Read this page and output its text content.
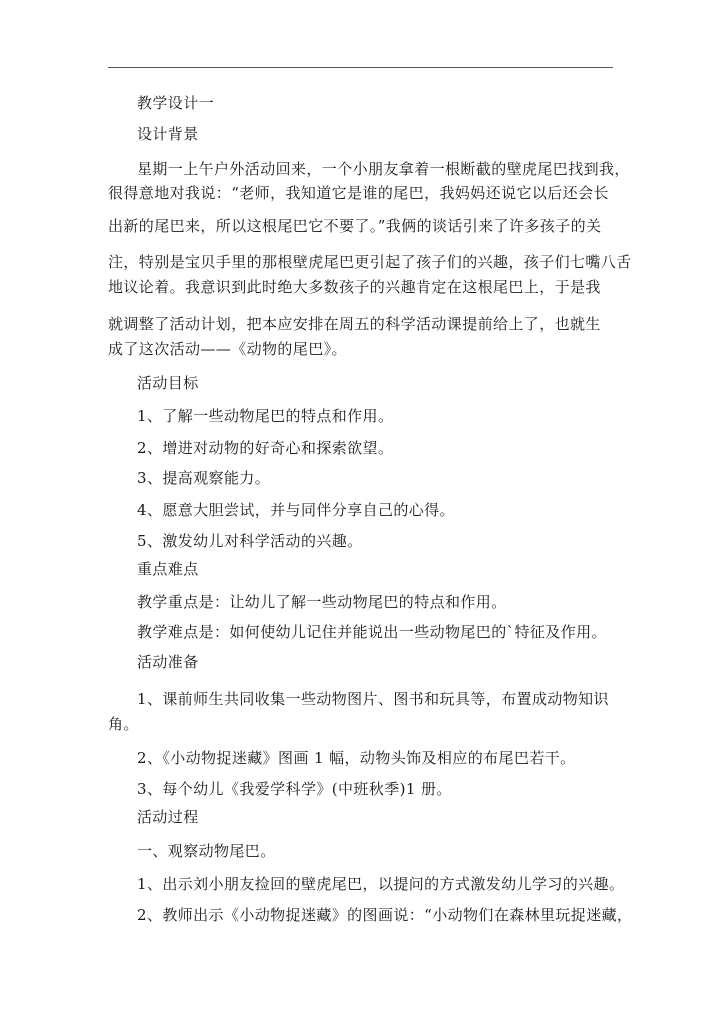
教学设计一
设计背景
星期一上午户外活动回来，一个小朋友拿着一根断截的壁虎尾巴找到我，
很得意地对我说：“老师，我知道它是谁的尾巴，我妈妈还说它以后还会长
出新的尾巴来，所以这根尾巴它不要了。”我俩的谈话引来了许多孩子的关
注，特别是宝贝手里的那根壁虎尾巴更引起了孩子们的兴趣，孩子们七嘴八舌
地议论着。我意识到此时绝大多数孩子的兴趣肯定在这根尾巴上，于是我
就调整了活动计划，把本应安排在周五的科学活动课提前给上了，也就生
成了这次活动——《动物的尾巴》。
活动目标
1、了解一些动物尾巴的特点和作用。
2、增进对动物的好奇心和探索欲望。
3、提高观察能力。
4、愿意大胆尝试，并与同伴分享自己的心得。
5、激发幼儿对科学活动的兴趣。
重点难点
教学重点是：让幼儿了解一些动物尾巴的特点和作用。
教学难点是：如何使幼儿记住并能说出一些动物尾巴的`特征及作用。
活动准备
1、课前师生共同收集一些动物图片、图书和玩具等，布置成动物知识
角。
2、《小动物捉迷藏》图画 1 幅，动物头饰及相应的布尾巴若干。
3、每个幼儿《我爱学科学》(中班秋季)1 册。
活动过程
一、观察动物尾巴。
1、出示刘小朋友捡回的壁虎尾巴，以提问的方式激发幼儿学习的兴趣。
2、教师出示《小动物捉迷藏》的图画说：“小动物们在森林里玩捉迷藏，
